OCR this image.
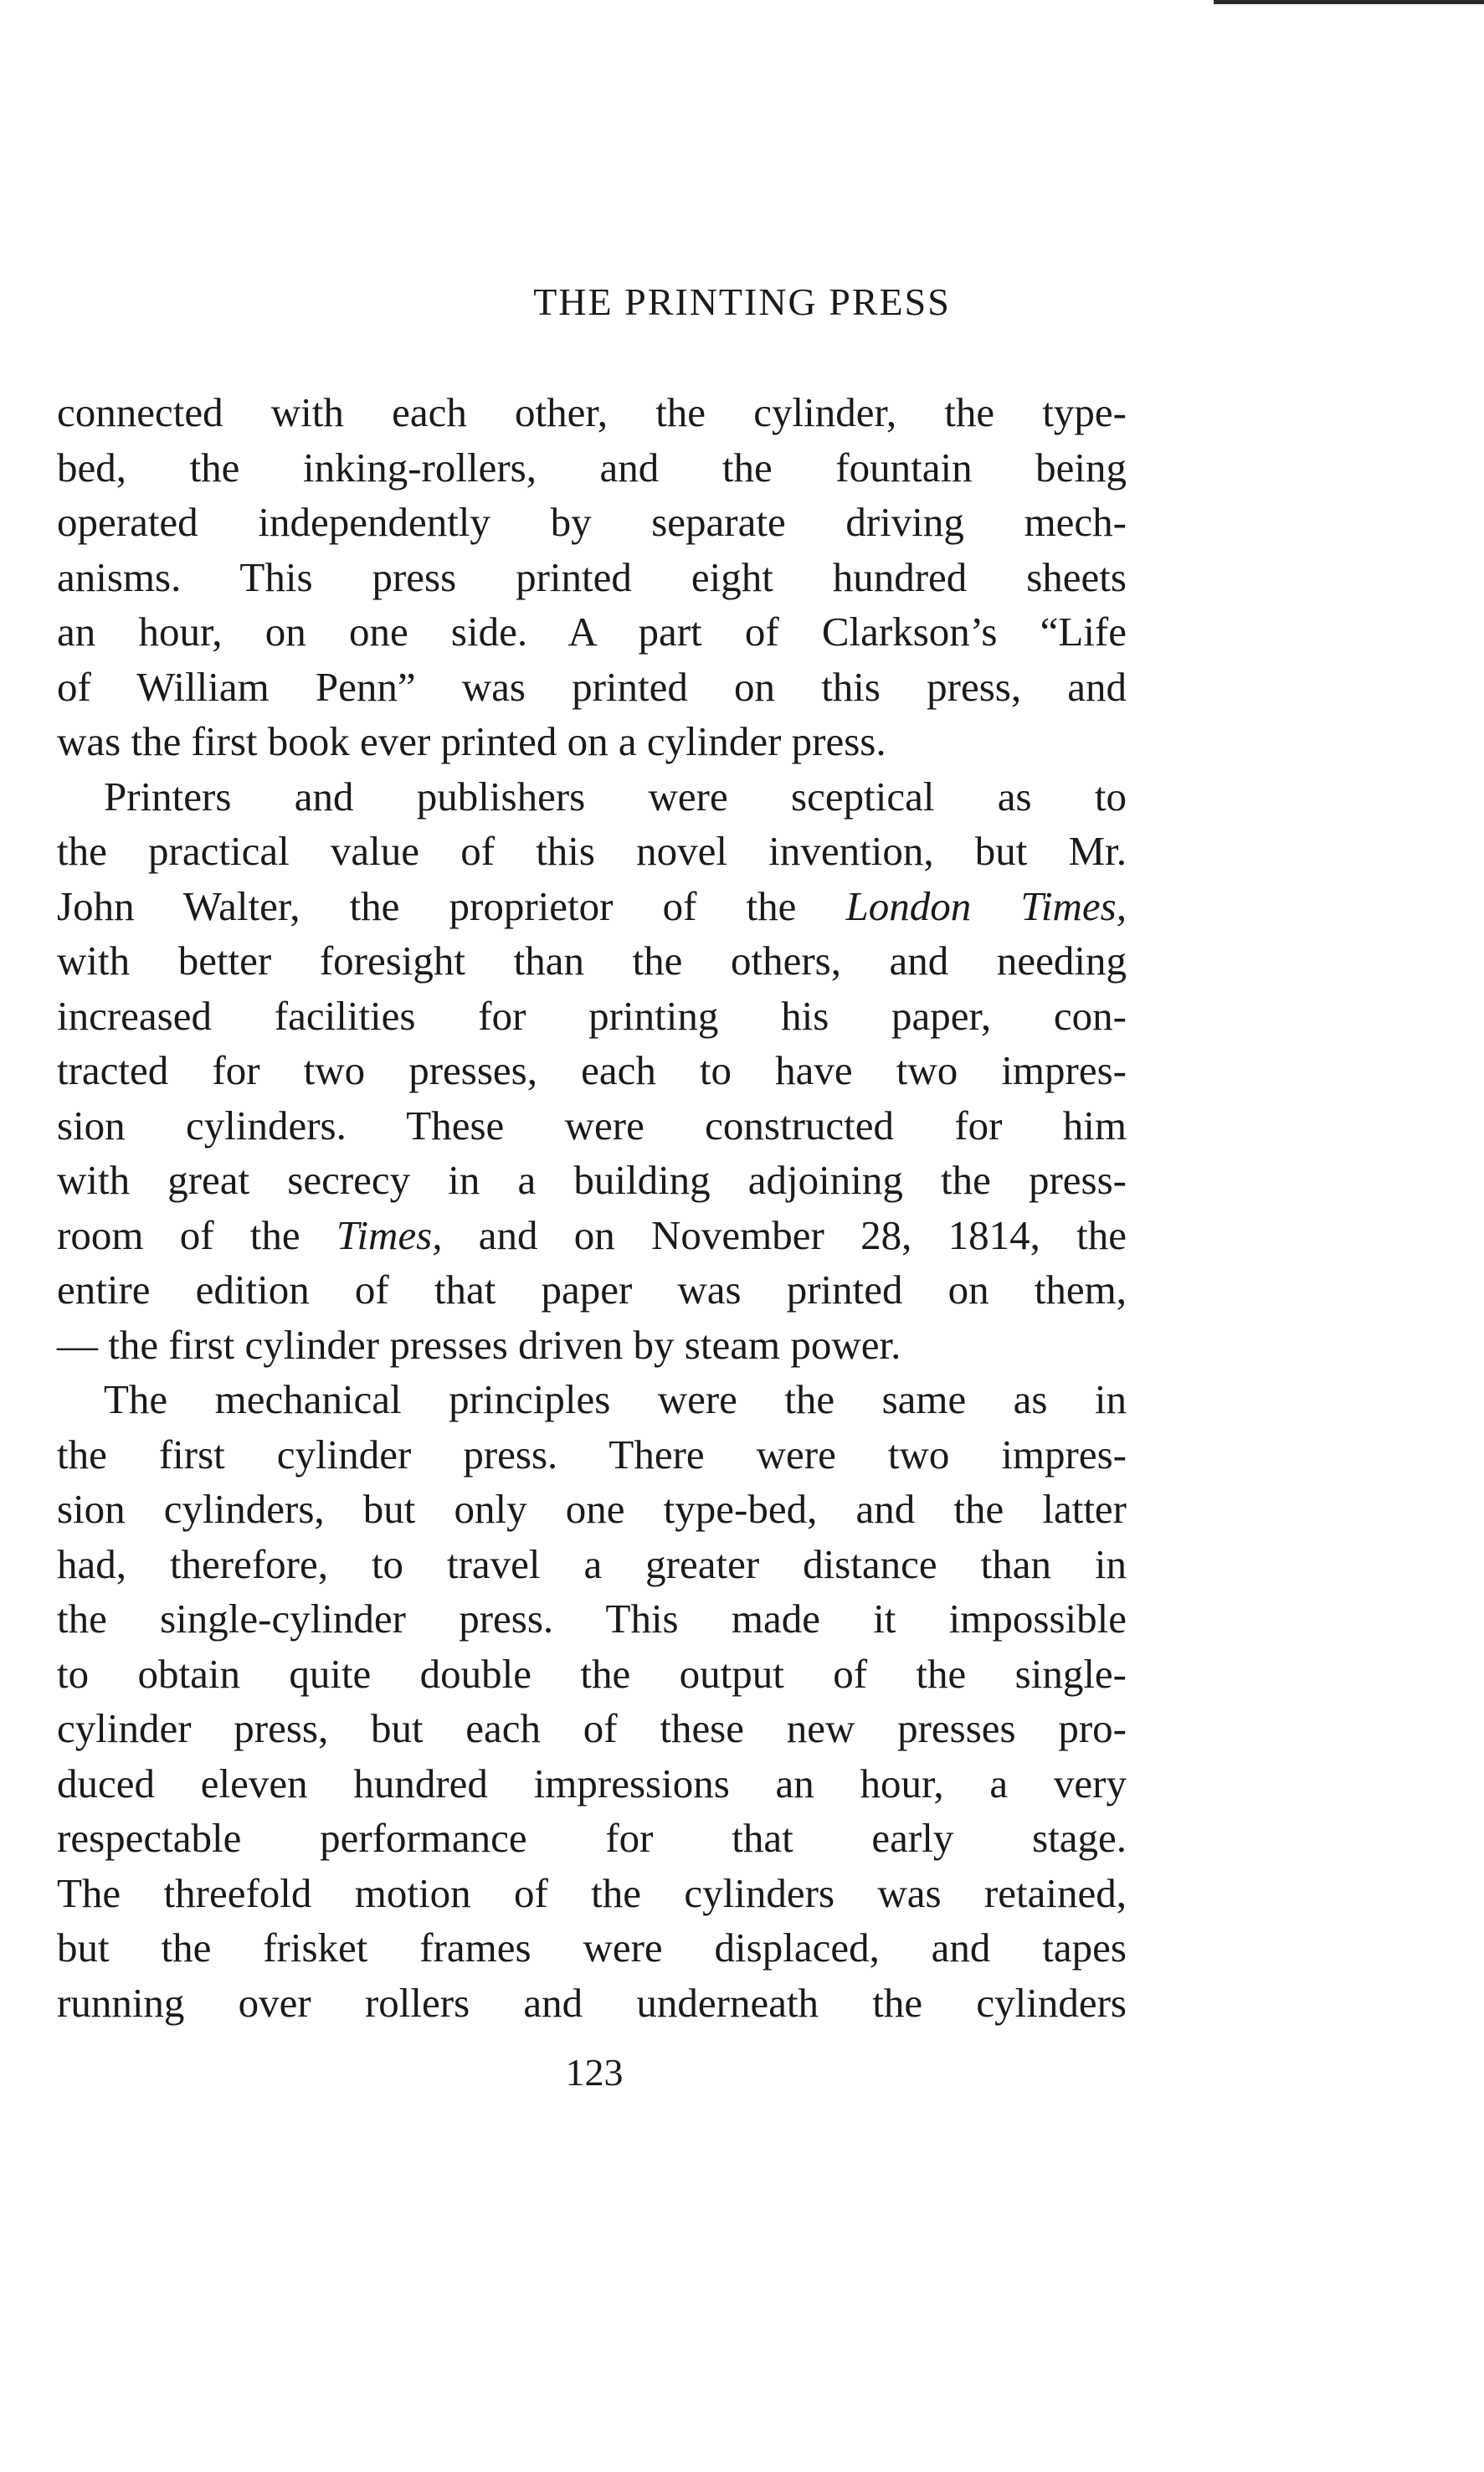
THE PRINTING PRESS
connected with each other, the cylinder, the type-
bed, the inking-rollers, and the fountain being
operated independently by separate driving mech-
anisms. This press printed eight hundred sheets
an hour, on one side. A part of Clarkson’s “Life
of William Penn” was printed on this press, and
was the first book ever printed on a cylinder press.
Printers and publishers were sceptical as to
the practical value of this novel invention, but Mr.
John Walter, the proprietor of the London Times,
with better foresight than the others, and needing
increased facilities for printing his paper, con-
tracted for two presses, each to have two impres-
sion cylinders. These were constructed for him
with great secrecy in a building adjoining the press-
room of the Times, and on November 28, 1814, the
entire edition of that paper was printed on them,
— the first cylinder presses driven by steam power.
The mechanical principles were the same as in
the first cylinder press. There were two impres-
sion cylinders, but only one type-bed, and the latter
had, therefore, to travel a greater distance than in
the single-cylinder press. This made it impossible
to obtain quite double the output of the single-
cylinder press, but each of these new presses pro-
duced eleven hundred impressions an hour, a very
respectable performance for that early stage.
The threefold motion of the cylinders was retained,
but the frisket frames were displaced, and tapes
running over rollers and underneath the cylinders
123
